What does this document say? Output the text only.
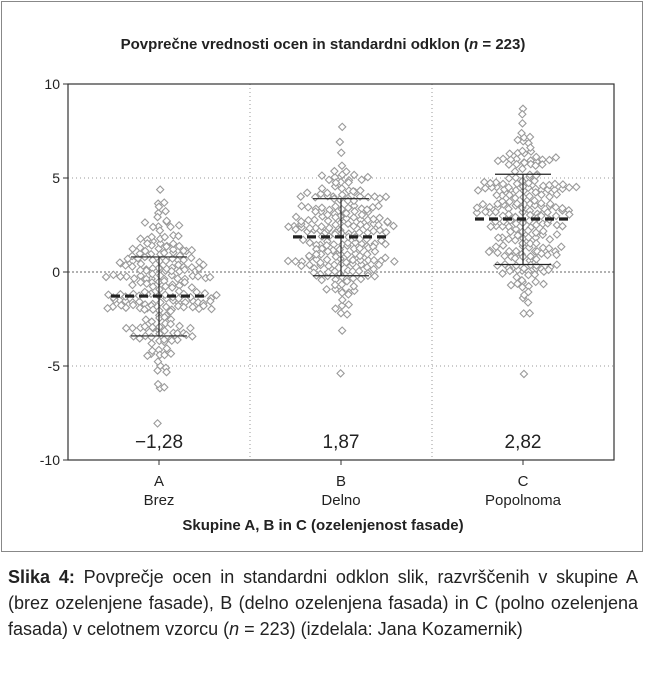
Povprečne vrednosti ocen in standardni odklon (n = 223)
−1,28
A
Brez
1,87
B
Delno
2,82
C
Popolnoma
10
5
0
-5
-10
Skupine A, B in C (ozelenjenost fasade)
Slika 4: Povprečje ocen in standardni odklon slik, razvrščenih v skupine A (brez ozelenjene fasade), B (delno ozelenjena fasada) in C (polno ozelenjena fasada) v celotnem vzorcu (n = 223) (izdelala: Jana Kozamernik)
